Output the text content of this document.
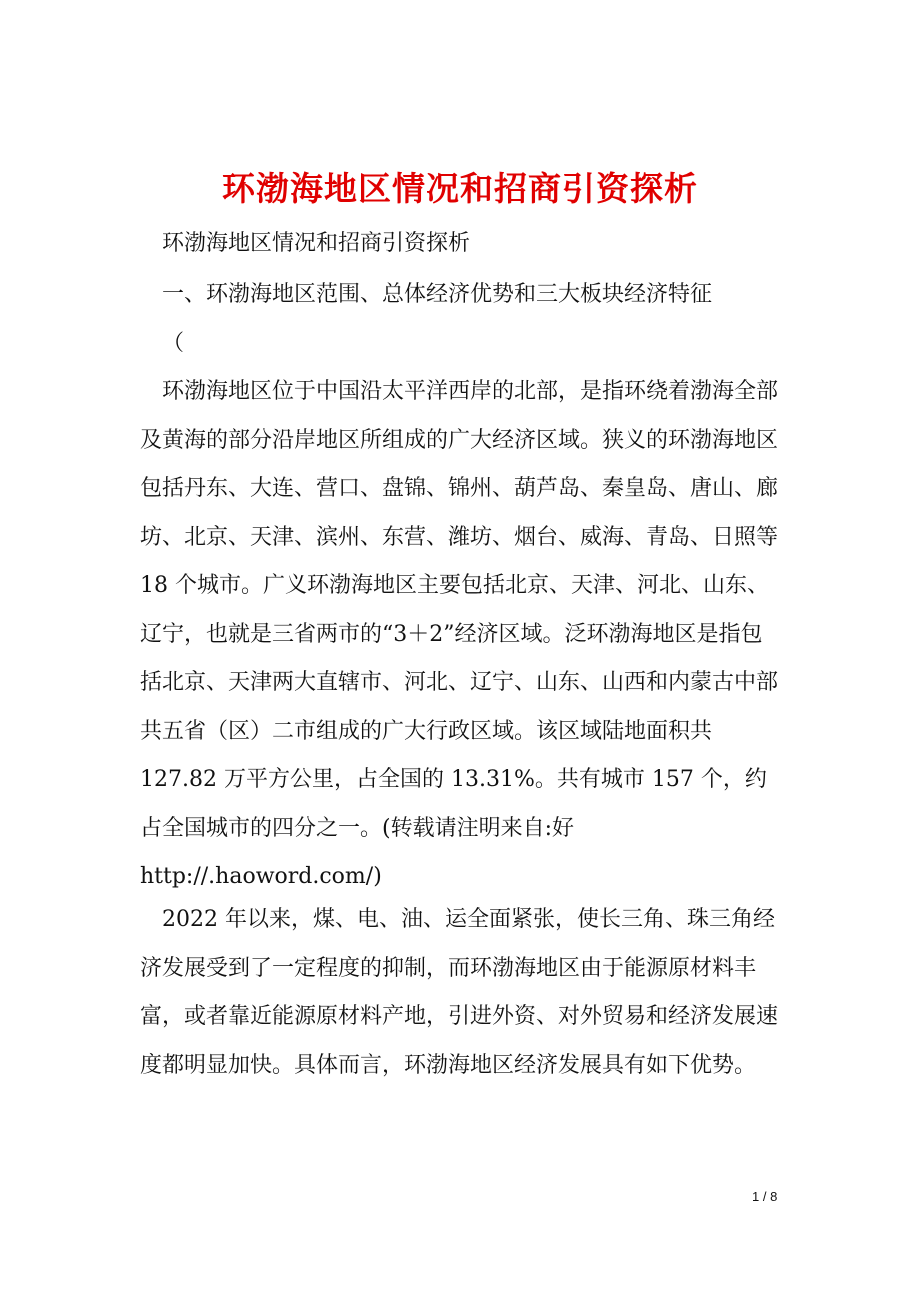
环渤海地区情况和招商引资探析

环渤海地区情况和招商引资探析

一、环渤海地区范围、总体经济优势和三大板块经济特征

（

环渤海地区位于中国沿太平洋西岸的北部，是指环绕着渤海全部及黄海的部分沿岸地区所组成的广大经济区域。狭义的环渤海地区包括丹东、大连、营口、盘锦、锦州、葫芦岛、秦皇岛、唐山、廊坊、北京、天津、滨州、东营、潍坊、烟台、威海、青岛、日照等 18 个城市。广义环渤海地区主要包括北京、天津、河北、山东、辽宁，也就是三省两市的“3＋2”经济区域。泛环渤海地区是指包括北京、天津两大直辖市、河北、辽宁、山东、山西和内蒙古中部共五省（区）二市组成的广大行政区域。该区域陆地面积共 127.82 万平方公里，占全国的 13.31%。共有城市 157 个，约占全国城市的四分之一。(转载请注明来自:好 http://.haoword.com/)

2022 年以来，煤、电、油、运全面紧张，使长三角、珠三角经济发展受到了一定程度的抑制，而环渤海地区由于能源原材料丰富，或者靠近能源原材料产地，引进外资、对外贸易和经济发展速度都明显加快。具体而言，环渤海地区经济发展具有如下优势。

1 / 8
